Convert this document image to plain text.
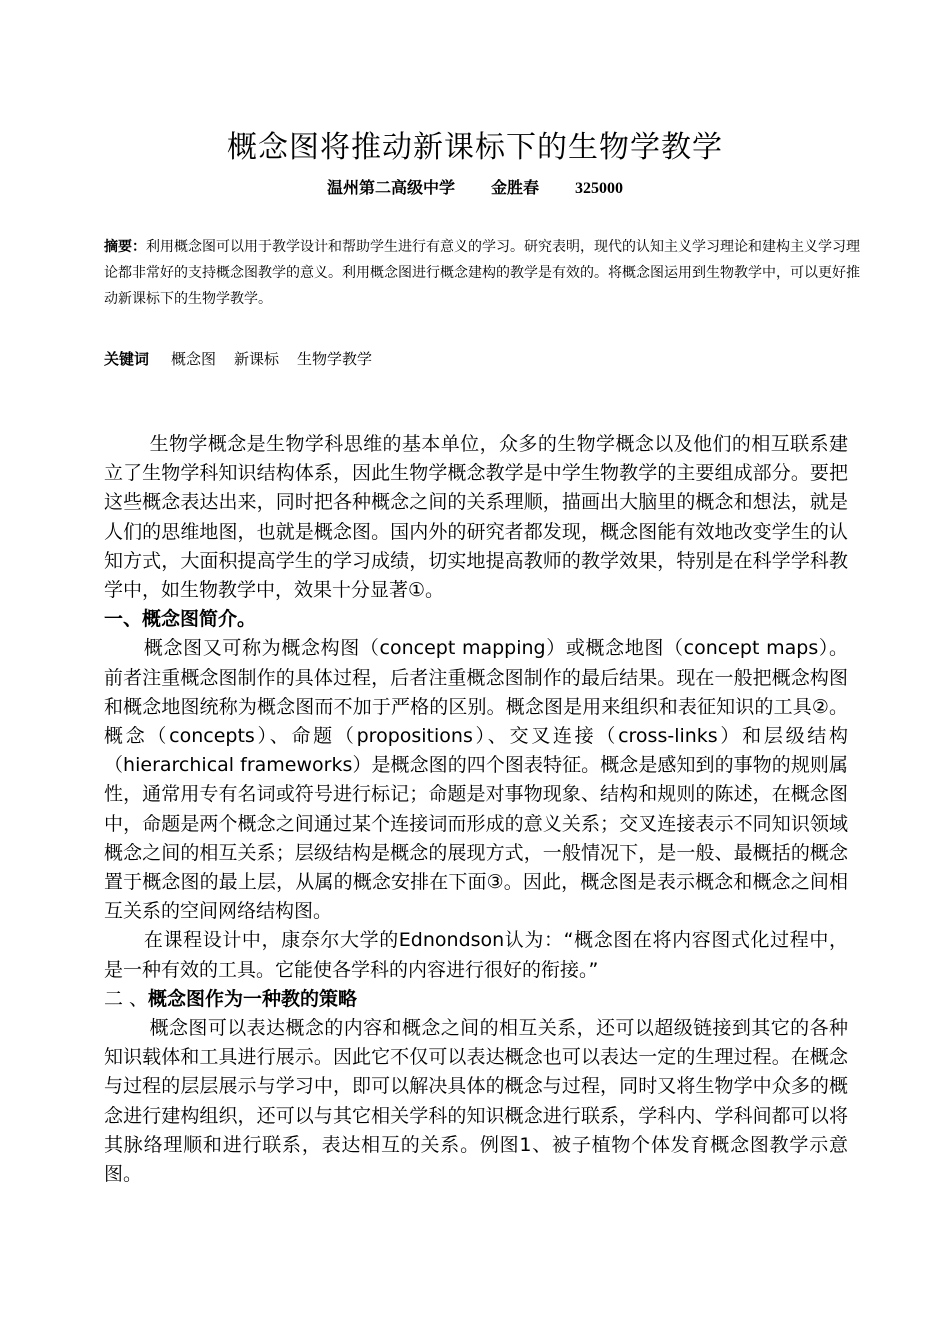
概念图将推动新课标下的生物学教学
温州第二高级中学 金胜春 325000
摘要：利用概念图可以用于教学设计和帮助学生进行有意义的学习。研究表明，现代的认知主义学习理论和建构主义学习理论都非常好的支持概念图教学的意义。利用概念图进行概念建构的教学是有效的。将概念图运用到生物教学中，可以更好推动新课标下的生物学教学。
关键词 概念图 新课标 生物学教学

生物学概念是生物学科思维的基本单位，众多的生物学概念以及他们的相互联系建立了生物学科知识结构体系，因此生物学概念教学是中学生物教学的主要组成部分。要把这些概念表达出来，同时把各种概念之间的关系理顺，描画出大脑里的概念和想法，就是人们的思维地图，也就是概念图。国内外的研究者都发现，概念图能有效地改变学生的认知方式，大面积提高学生的学习成绩，切实地提高教师的教学效果，特别是在科学学科教学中，如生物教学中，效果十分显著①。

一、概念图简介。

概念图又可称为概念构图（concept mapping）或概念地图（concept maps）。前者注重概念图制作的具体过程，后者注重概念图制作的最后结果。现在一般把概念构图和概念地图统称为概念图而不加于严格的区别。概念图是用来组织和表征知识的工具②。概念（concepts）、命题（propositions）、交叉连接（cross-links）和层级结构（hierarchical frameworks）是概念图的四个图表特征。概念是感知到的事物的规则属性，通常用专有名词或符号进行标记；命题是对事物现象、结构和规则的陈述，在概念图中，命题是两个概念之间通过某个连接词而形成的意义关系；交叉连接表示不同知识领域概念之间的相互关系；层级结构是概念的展现方式，一般情况下，是一般、最概括的概念置于概念图的最上层，从属的概念安排在下面③。因此，概念图是表示概念和概念之间相互关系的空间网络结构图。

在课程设计中，康奈尔大学的Ednondson认为：“概念图在将内容图式化过程中，是一种有效的工具。它能使各学科的内容进行很好的衔接。”

二 、概念图作为一种教的策略

概念图可以表达概念的内容和概念之间的相互关系，还可以超级链接到其它的各种知识载体和工具进行展示。因此它不仅可以表达概念也可以表达一定的生理过程。在概念与过程的层层展示与学习中，即可以解决具体的概念与过程，同时又将生物学中众多的概念进行建构组织，还可以与其它相关学科的知识概念进行联系，学科内、学科间都可以将其脉络理顺和进行联系，表达相互的关系。例图1、被子植物个体发育概念图教学示意图。
